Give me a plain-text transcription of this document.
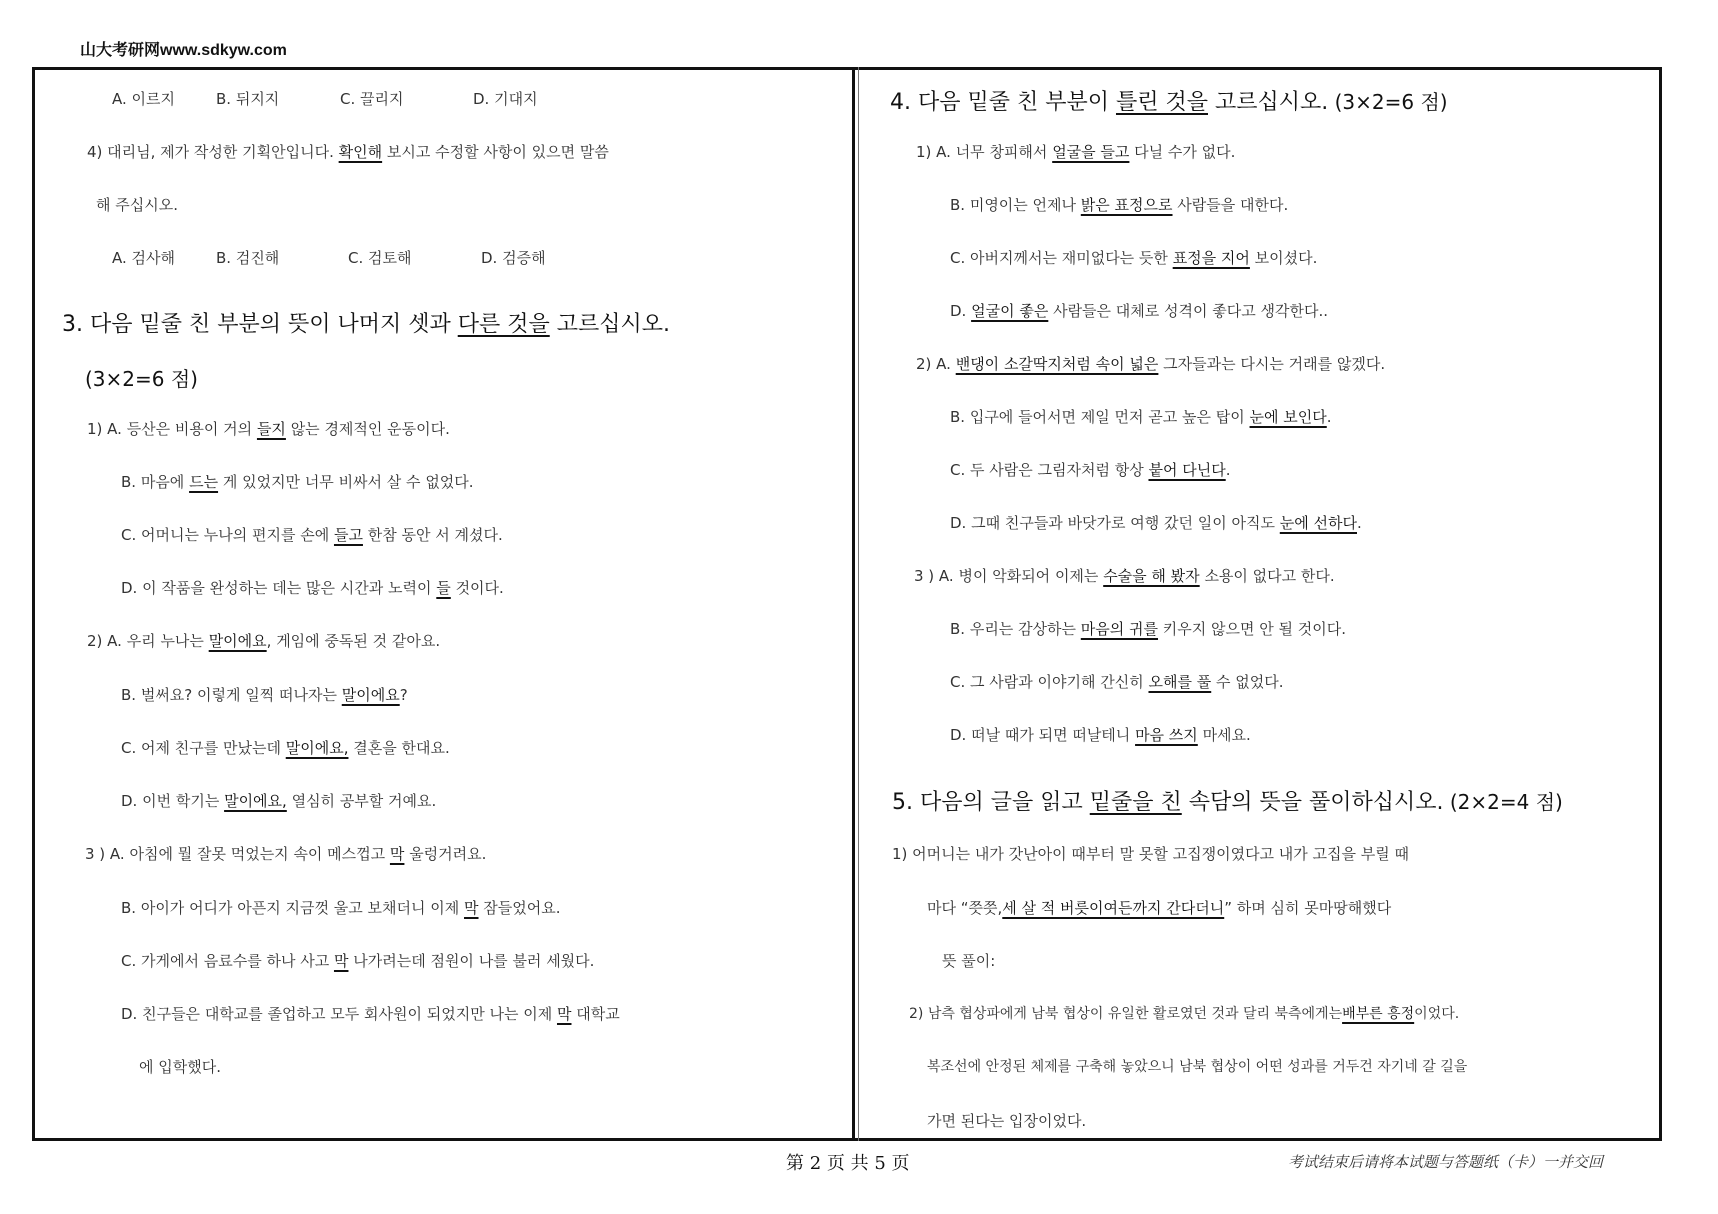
山大考研网www.sdkyw.com
A. 이르지	B. 뒤지지	C. 끌리지	D. 기대지
4) 대리님, 제가 작성한 기획안입니다. 확인해 보시고 수정할 사항이 있으면 말씀
해 주십시오.
A. 검사해	B. 검진해	C. 검토해	D. 검증해
3. 다음 밑줄 친 부분의 뜻이 나머지 셋과 다른 것을 고르십시오.
(3×2=6 점)
1) A. 등산은 비용이 거의 들지 않는 경제적인 운동이다.
B. 마음에 드는 게 있었지만 너무 비싸서 살 수 없었다.
C. 어머니는 누나의 편지를 손에 들고 한참 동안 서 계셨다.
D. 이 작품을 완성하는 데는 많은 시간과 노력이 들 것이다.
2) A. 우리 누나는 말이에요, 게임에 중독된 것 같아요.
B. 벌써요? 이렇게 일찍 떠나자는 말이에요?
C. 어제 친구를 만났는데 말이에요, 결혼을 한대요.
D. 이번 학기는 말이에요, 열심히 공부할 거예요.
3 ) A. 아침에 뭘 잘못 먹었는지 속이 메스껍고 막 울렁거려요.
B. 아이가 어디가 아픈지 지금껏 울고 보채더니 이제 막 잠들었어요.
C. 가게에서 음료수를 하나 사고 막 나가려는데 점원이 나를 불러 세웠다.
D. 친구들은 대학교를 졸업하고 모두 회사원이 되었지만 나는 이제 막 대학교
에 입학했다.
4. 다음 밑줄 친 부분이 틀린 것을 고르십시오. (3×2=6 점)
1) A. 너무 창피해서 얼굴을 들고 다닐 수가 없다.
B. 미영이는 언제나 밝은 표정으로 사람들을 대한다.
C. 아버지께서는 재미없다는 듯한 표정을 지어 보이셨다.
D. 얼굴이 좋은 사람들은 대체로 성격이 좋다고 생각한다..
2) A. 밴댕이 소갈딱지처럼 속이 넓은 그자들과는 다시는 거래를 않겠다.
B. 입구에 들어서면 제일 먼저 곧고 높은 탑이 눈에 보인다.
C. 두 사람은 그림자처럼 항상 붙어 다닌다.
D. 그때 친구들과 바닷가로 여행 갔던 일이 아직도 눈에 선하다.
3 ) A. 병이 악화되어 이제는 수술을 해 봤자 소용이 없다고 한다.
B. 우리는 감상하는 마음의 귀를 키우지 않으면 안 될 것이다.
C. 그 사람과 이야기해 간신히 오해를 풀 수 없었다.
D. 떠날 때가 되면 떠날테니 마음 쓰지 마세요.
5. 다음의 글을 읽고 밑줄을 친 속담의 뜻을 풀이하십시오. (2×2=4 점)
1) 어머니는 내가 갓난아이 때부터 말 못할 고집쟁이였다고 내가 고집을 부릴 때
마다 “쯧쯧,세 살 적 버릇이여든까지 간다더니” 하며 심히 못마땅해했다
뜻 풀이:
2) 남측 협상파에게 남북 협상이 유일한 활로였던 것과 달리 북측에게는배부른 흥정이었다.
복조선에 안정된 체제를 구축해 놓았으니 남북 협상이 어떤 성과를 거두건 자기네 갈 길을
가면 된다는 입장이었다.
第 2 页 共 5 页	考试结束后请将本试题与答题纸（卡）一并交回
